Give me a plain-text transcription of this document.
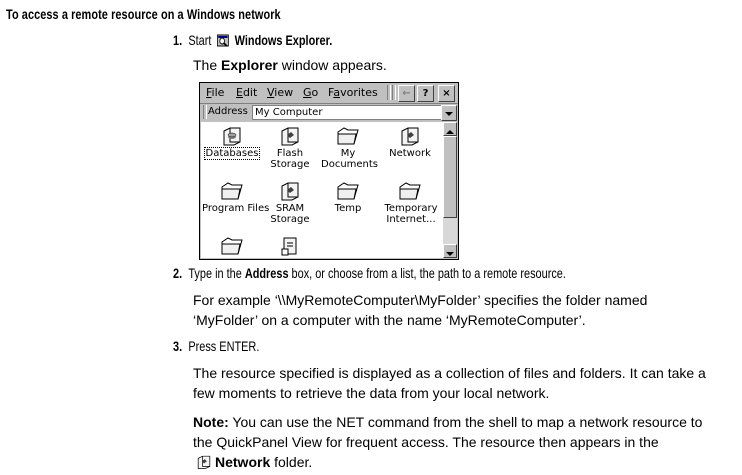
To access a remote resource on a Windows network
1. Start Windows Explorer.
The Explorer window appears.
File Edit View Go Favorites	←	?	×
Address My Computer
Databases	Flash Storage
My Documents
Network
Program Files SRAM Storage
Temp	Temporary Internet...
2. Type in the Address box, or choose from a list, the path to a remote resource.
For example ‘\\MyRemoteComputer\MyFolder’ specifies the folder named
‘MyFolder’ on a computer with the name ‘MyRemoteComputer’.
3. Press ENTER.
The resource specified is displayed as a collection of files and folders. It can take a
few moments to retrieve the data from your local network.
Note: You can use the NET command from the shell to map a network resource to
the QuickPanel View for frequent access. The resource then appears in the
Network folder.
